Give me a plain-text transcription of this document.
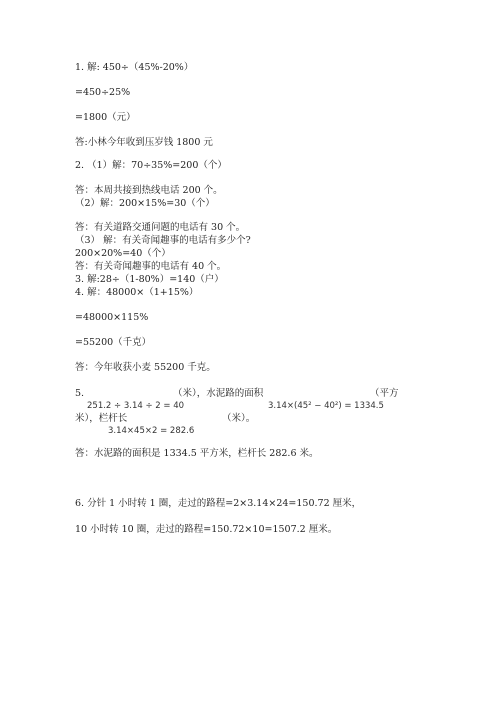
1. 解: 450÷（45%-20%）
=450÷25%
=1800（元）
答:小林今年收到压岁钱 1800 元
2. （1）解：70÷35%=200（个）
答：本周共接到热线电话 200 个。
（2）解：200×15%=30（个）
答：有关道路交通问题的电话有 30 个。
（3） 解：有关奇闻趣事的电话有多少个?
200×20%=40（个）
答：有关奇闻趣事的电话有 40 个。
3. 解:28÷（1-80%）=140（户）
4. 解：48000×（1+15%）
=48000×115%
=55200（千克）
答：今年收获小麦 55200 千克。
5.	（米），水泥路的面积	（平方
251.2 ÷ 3.14 ÷ 2 = 40	3.14×(45² − 40²) = 1334.5
米），栏杆长	（米）。
3.14×45×2 = 282.6
答：水泥路的面积是 1334.5 平方米，栏杆长 282.6 米。
6. 分针 1 小时转 1 圈，走过的路程=2×3.14×24=150.72 厘米，
10 小时转 10 圈，走过的路程=150.72×10=1507.2 厘米。
